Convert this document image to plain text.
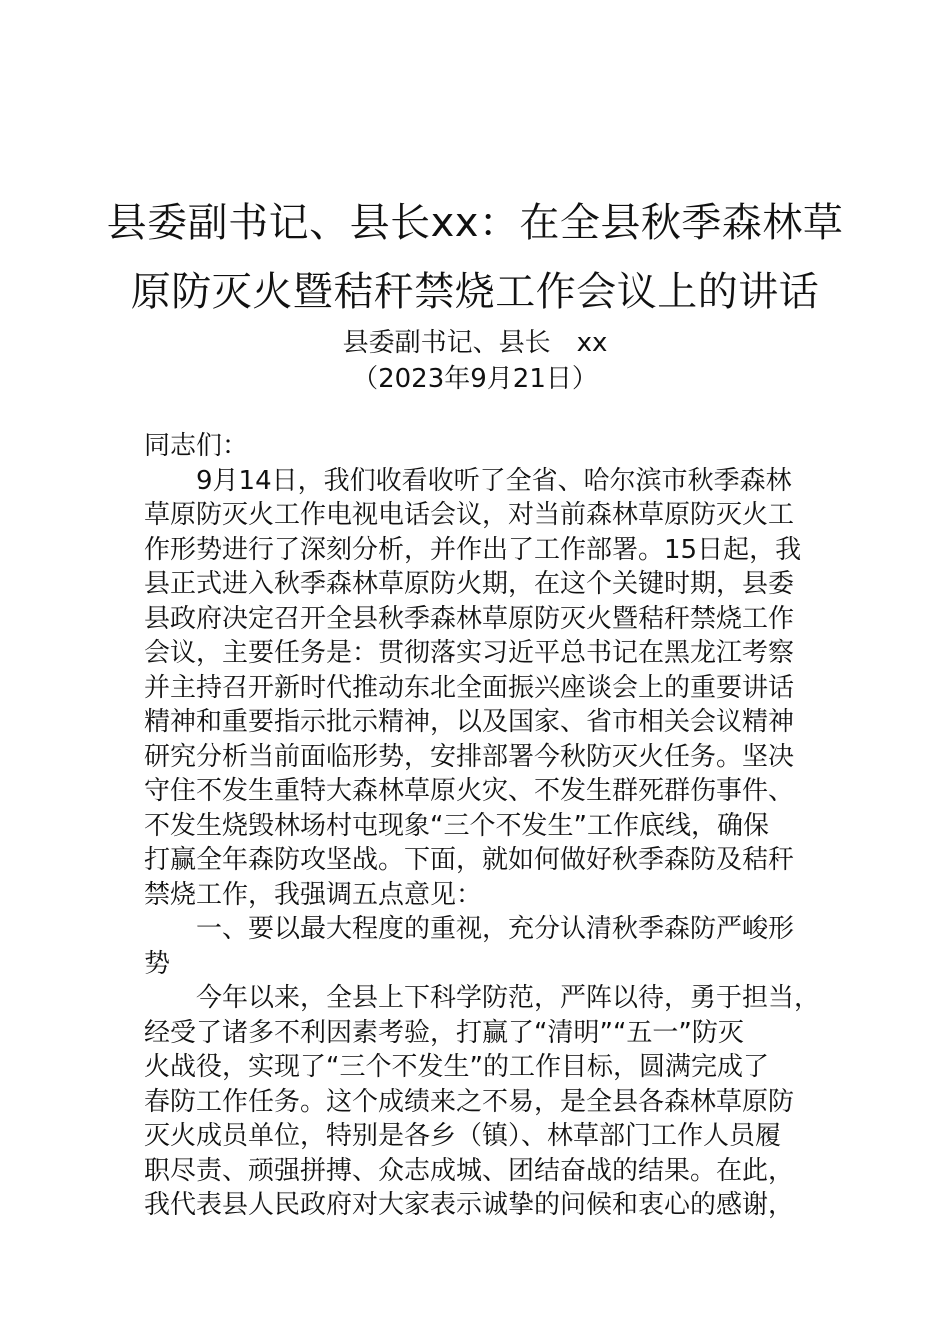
县委副书记、县长xx：在全县秋季森林草
原防灭火暨秸秆禁烧工作会议上的讲话
县委副书记、县长 xx
（2023年9月21日）
同志们：
9月14日，我们收看收听了全省、哈尔滨市秋季森林
草原防灭火工作电视电话会议，对当前森林草原防灭火工
作形势进行了深刻分析，并作出了工作部署。15日起，我
县正式进入秋季森林草原防火期，在这个关键时期，县委
县政府决定召开全县秋季森林草原防灭火暨秸秆禁烧工作
会议，主要任务是：贯彻落实习近平总书记在黑龙江考察
并主持召开新时代推动东北全面振兴座谈会上的重要讲话
精神和重要指示批示精神，以及国家、省市相关会议精神
研究分析当前面临形势，安排部署今秋防灭火任务。坚决
守住不发生重特大森林草原火灾、不发生群死群伤事件、
不发生烧毁林场村屯现象“三个不发生”工作底线，确保
打赢全年森防攻坚战。下面，就如何做好秋季森防及秸秆
禁烧工作，我强调五点意见：
一、要以最大程度的重视，充分认清秋季森防严峻形
势
今年以来，全县上下科学防范，严阵以待，勇于担当，
经受了诸多不利因素考验，打赢了“清明”“五一”防灭
火战役，实现了“三个不发生”的工作目标，圆满完成了
春防工作任务。这个成绩来之不易，是全县各森林草原防
灭火成员单位，特别是各乡（镇）、林草部门工作人员履
职尽责、顽强拼搏、众志成城、团结奋战的结果。在此，
我代表县人民政府对大家表示诚挚的问候和衷心的感谢，
